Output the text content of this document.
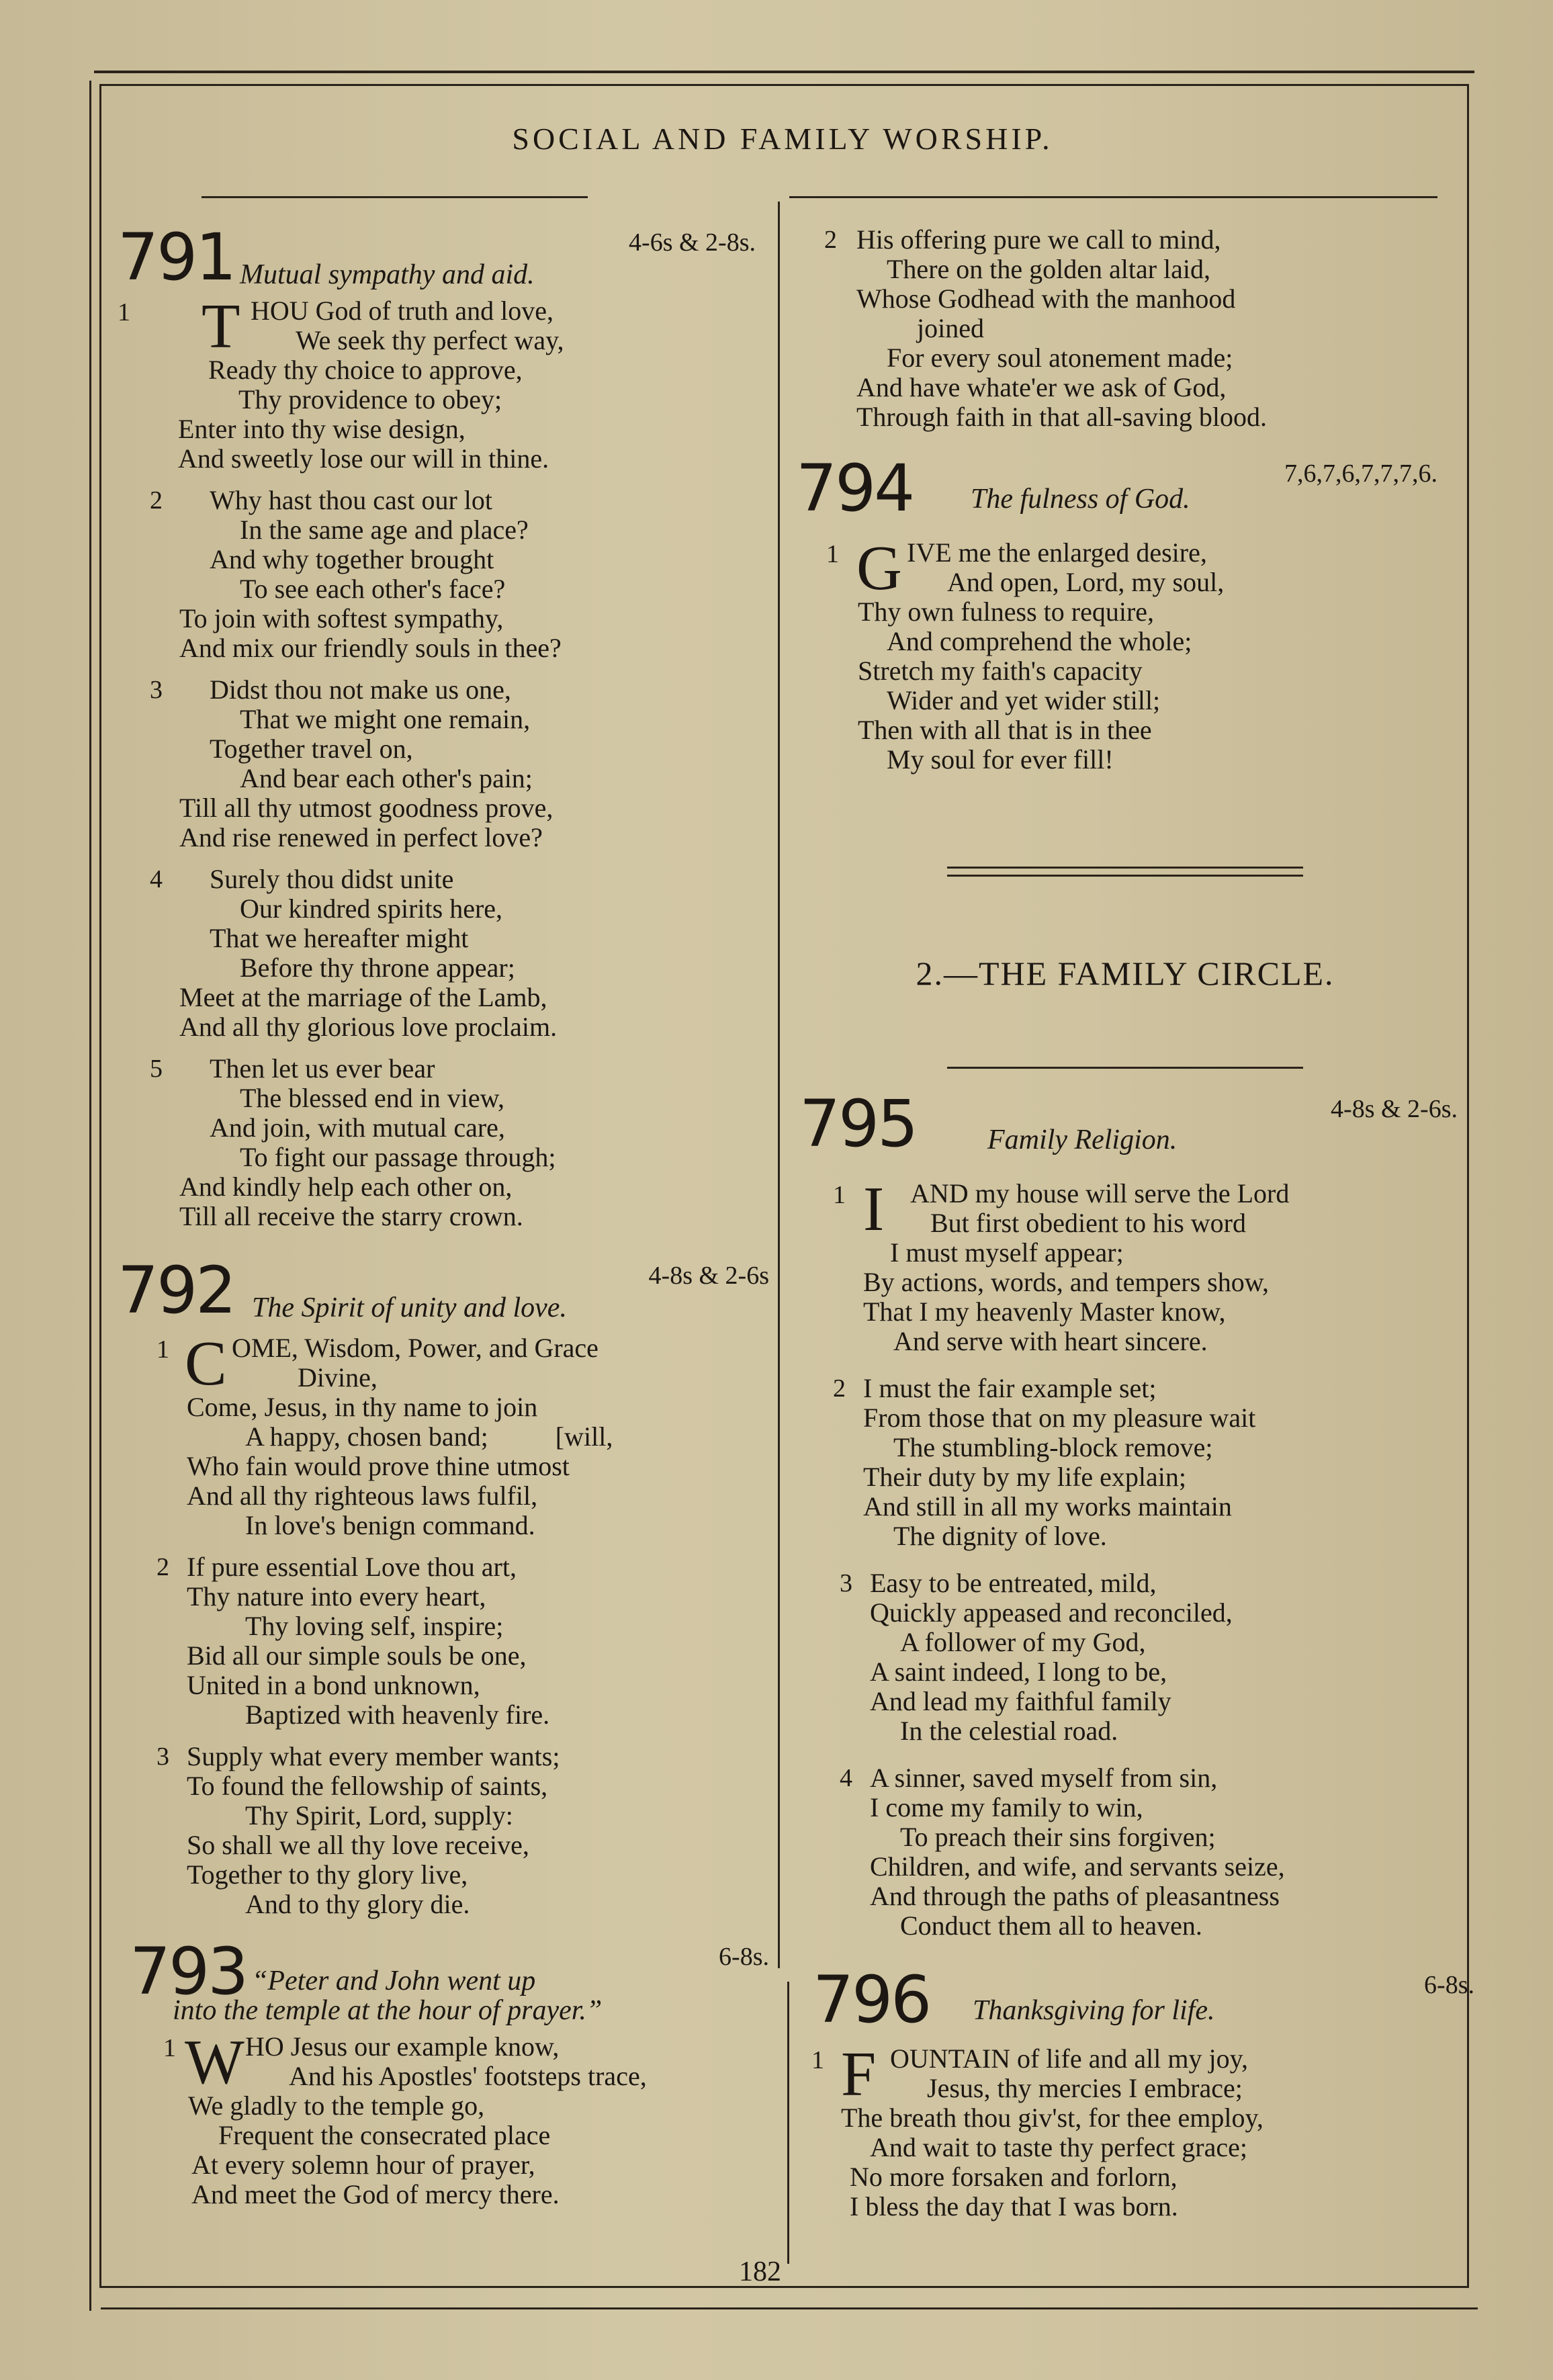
SOCIAL AND FAMILY WORSHIP.
791	4-6s & 2-8s.
Mutual sympathy and aid.
1 T HOU God of truth and love,
We seek thy perfect way,
Ready thy choice to approve,
Thy providence to obey;
Enter into thy wise design,
And sweetly lose our will in thine.
2	Why hast thou cast our lot
In the same age and place?
And why together brought
To see each other's face?
To join with softest sympathy,
And mix our friendly souls in thee?
3	Didst thou not make us one,
That we might one remain,
Together travel on,
And bear each other's pain;
Till all thy utmost goodness prove,
And rise renewed in perfect love?
4	Surely thou didst unite
Our kindred spirits here,
That we hereafter might
Before thy throne appear;
Meet at the marriage of the Lamb,
And all thy glorious love proclaim.
5	Then let us ever bear
The blessed end in view,
And join, with mutual care,
To fight our passage through;
And kindly help each other on,
Till all receive the starry crown.
792	4-8s & 2-6s
The Spirit of unity and love.
1 C OME, Wisdom, Power, and Grace
Divine,
Come, Jesus, in thy name to join
A happy, chosen band;          [will,
Who fain would prove thine utmost
And all thy righteous laws fulfil,
In love's benign command.
2 If pure essential Love thou art,
Thy nature into every heart,
Thy loving self, inspire;
Bid all our simple souls be one,
United in a bond unknown,
Baptized with heavenly fire.
3 Supply what every member wants;
To found the fellowship of saints,
Thy Spirit, Lord, supply:
So shall we all thy love receive,
Together to thy glory live,
And to thy glory die.
793	6-8s.
“Peter and John went up
into the temple at the hour of prayer.”
1 W HO Jesus our example know,
And his Apostles' footsteps trace,
We gladly to the temple go,
Frequent the consecrated place
At every solemn hour of prayer,
And meet the God of mercy there.
2 His offering pure we call to mind,
There on the golden altar laid,
Whose Godhead with the manhood
joined
For every soul atonement made;
And have whate'er we ask of God,
Through faith in that all-saving blood.
794	7,6,7,6,7,7,7,6.
The fulness of God.
1 G IVE me the enlarged desire,
And open, Lord, my soul,
Thy own fulness to require,
And comprehend the whole;
Stretch my faith's capacity
Wider and yet wider still;
Then with all that is in thee
My soul for ever fill!
2.—THE FAMILY CIRCLE.
795	4-8s & 2-6s.
Family Religion.
1 I AND my house will serve the Lord
But first obedient to his word
I must myself appear;
By actions, words, and tempers show,
That I my heavenly Master know,
And serve with heart sincere.
2 I must the fair example set;
From those that on my pleasure wait
The stumbling-block remove;
Their duty by my life explain;
And still in all my works maintain
The dignity of love.
3 Easy to be entreated, mild,
Quickly appeased and reconciled,
A follower of my God,
A saint indeed, I long to be,
And lead my faithful family
In the celestial road.
4 A sinner, saved myself from sin,
I come my family to win,
To preach their sins forgiven;
Children, and wife, and servants seize,
And through the paths of pleasantness
Conduct them all to heaven.
796	6-8s.
Thanksgiving for life.
1 F OUNTAIN of life and all my joy,
Jesus, thy mercies I embrace;
The breath thou giv'st, for thee employ,
And wait to taste thy perfect grace;
No more forsaken and forlorn,
I bless the day that I was born.
182
